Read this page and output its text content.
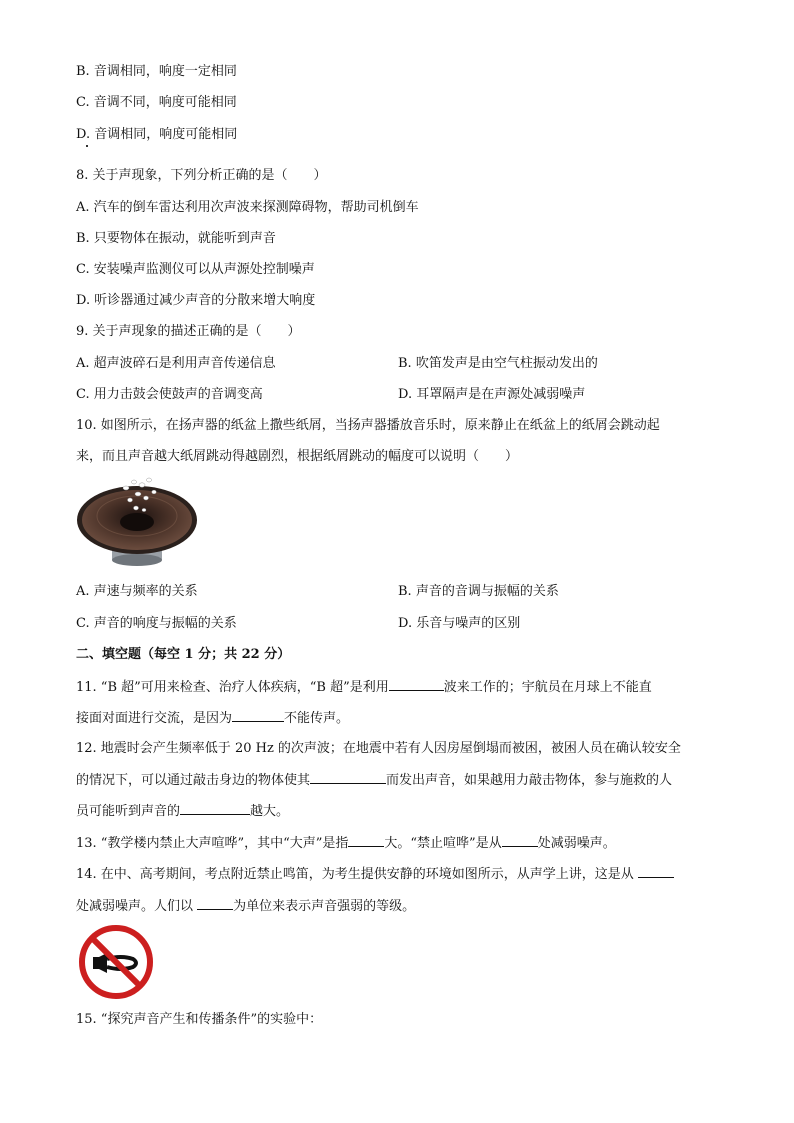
B. 音调相同，响度一定相同
C. 音调不同，响度可能相同
D. 音调相同，响度可能相同
8. 关于声现象，下列分析正确的是（　　）
A. 汽车的倒车雷达利用次声波来探测障碍物，帮助司机倒车
B. 只要物体在振动，就能听到声音
C. 安装噪声监测仪可以从声源处控制噪声
D. 听诊器通过减少声音的分散来增大响度
9. 关于声现象的描述正确的是（　　）
A. 超声波碎石是利用声音传递信息	B. 吹笛发声是由空气柱振动发出的
C. 用力击鼓会使鼓声的音调变高	D. 耳罩隔声是在声源处减弱噪声
10. 如图所示，在扬声器的纸盆上撒些纸屑，当扬声器播放音乐时，原来静止在纸盆上的纸屑会跳动起
来，而且声音越大纸屑跳动得越剧烈，根据纸屑跳动的幅度可以说明（　　）
A. 声速与频率的关系	B. 声音的音调与振幅的关系
C. 声音的响度与振幅的关系	D. 乐音与噪声的区别
二、填空题（每空 1 分；共 22 分）
11. “B 超”可用来检查、治疗人体疾病，“B 超”是利用	波来工作的；宇航员在月球上不能直
接面对面进行交流，是因为	不能传声。
12. 地震时会产生频率低于 20 Hz 的次声波；在地震中若有人因房屋倒塌而被困，被困人员在确认较安全
的情况下，可以通过敲击身边的物体使其	而发出声音，如果越用力敲击物体，参与施救的人
员可能听到声音的	越大。
13. “教学楼内禁止大声喧哗”，其中“大声”是指	大。“禁止喧哗”是从	处减弱噪声。
14. 在中、高考期间，考点附近禁止鸣笛，为考生提供安静的环境如图所示，从声学上讲，这是从
处减弱噪声。人们以	为单位来表示声音强弱的等级。
15. “探究声音产生和传播条件”的实验中：
